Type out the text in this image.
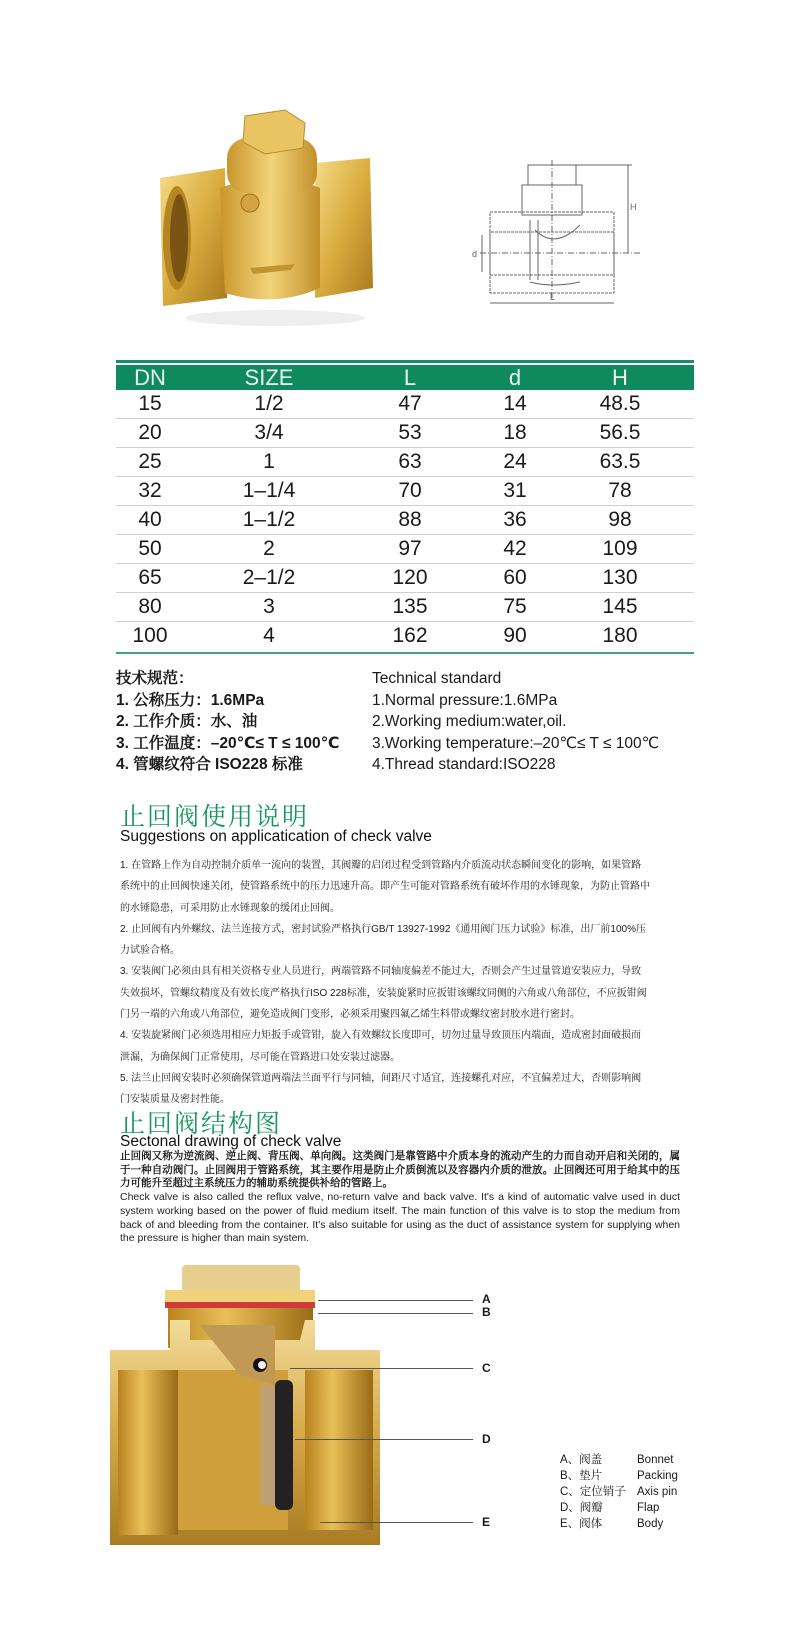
H
L
d
DN	SIZE	L	d	H
15	1/2	47	14	48.5
20	3/4	53	18	56.5
25	1	63	24	63.5
32	1–1/4	70	31	78
40	1–1/2	88	36	98
50	2	97	42	109
65	2–1/2	120	60	130
80	3	135	75	145
100	4	162	90	180
技术规范：
1. 公称压力：1.6MPa
2. 工作介质：水、油
3. 工作温度：–20℃≤ T ≤ 100℃
4. 管螺纹符合 ISO228 标准
Technical standard
1.Normal pressure:1.6MPa
2.Working medium:water,oil.
3.Working temperature:–20℃≤ T ≤ 100℃
4.Thread standard:ISO228
止回阀使用说明
Suggestions on applicatication of check valve

1. 在管路上作为自动控制介质单一流向的装置，其阀瓣的启闭过程受到管路内介质流动状态瞬间变化的影响，如果管路系统中的止回阀快速关闭，使管路系统中的压力迅速升高。即产生可能对管路系统有破坏作用的水锤现象，为防止管路中的水锤隐患，可采用防止水锤现象的缓闭止回阀。

2. 止回阀有内外螺纹、法兰连接方式，密封试验严格执行GB/T 13927-1992《通用阀门压力试验》标准，出厂前100%压力试验合格。

3. 安装阀门必须由具有相关资格专业人员进行，两端管路不同轴度偏差不能过大，否则会产生过量管道安装应力，导致失效损坏，管螺纹精度及有效长度严格执行ISO 228标准，安装旋紧时应扳钳该螺纹同侧的六角或八角部位，不应扳钳阀门另一端的六角或八角部位，避免造成阀门变形，必须采用聚四氟乙烯生料带或螺纹密封胶水进行密封。

4. 安装旋紧阀门必须选用相应力矩扳手或管钳，旋入有效螺纹长度即可，切勿过量导致顶压内端面，造成密封面破损而泄漏，为确保阀门正常使用，尽可能在管路进口处安装过滤器。

5. 法兰止回阀安装时必须确保管道两端法兰面平行与同轴，间距尺寸适宜，连接螺孔对应，不宜偏差过大，否则影响阀门安装质量及密封性能。

止回阀结构图
Sectonal drawing of check valve

止回阀又称为逆流阀、逆止阀、背压阀、单向阀。这类阀门是靠管路中介质本身的流动产生的力而自动开启和关闭的，属于一种自动阀门。止回阀用于管路系统，其主要作用是防止介质倒流以及容器内介质的泄放。止回阀还可用于给其中的压力可能升至超过主系统压力的辅助系统提供补给的管路上。

Check valve is also called the reflux valve, no-return valve and back valve. It's a kind of automatic valve used in duct system working based on the power of fluid medium itself. The main function of this valve is to stop the medium from back of and bleeding from the container. It's also suitable for using as the duct of assistance system for supplying when the pressure is higher than main system.

A
B
C
D
E
A、阀盖	Bonnet
B、垫片	Packing
C、定位销子 Axis pin
D、阀瓣	Flap
E、阀体	Body
